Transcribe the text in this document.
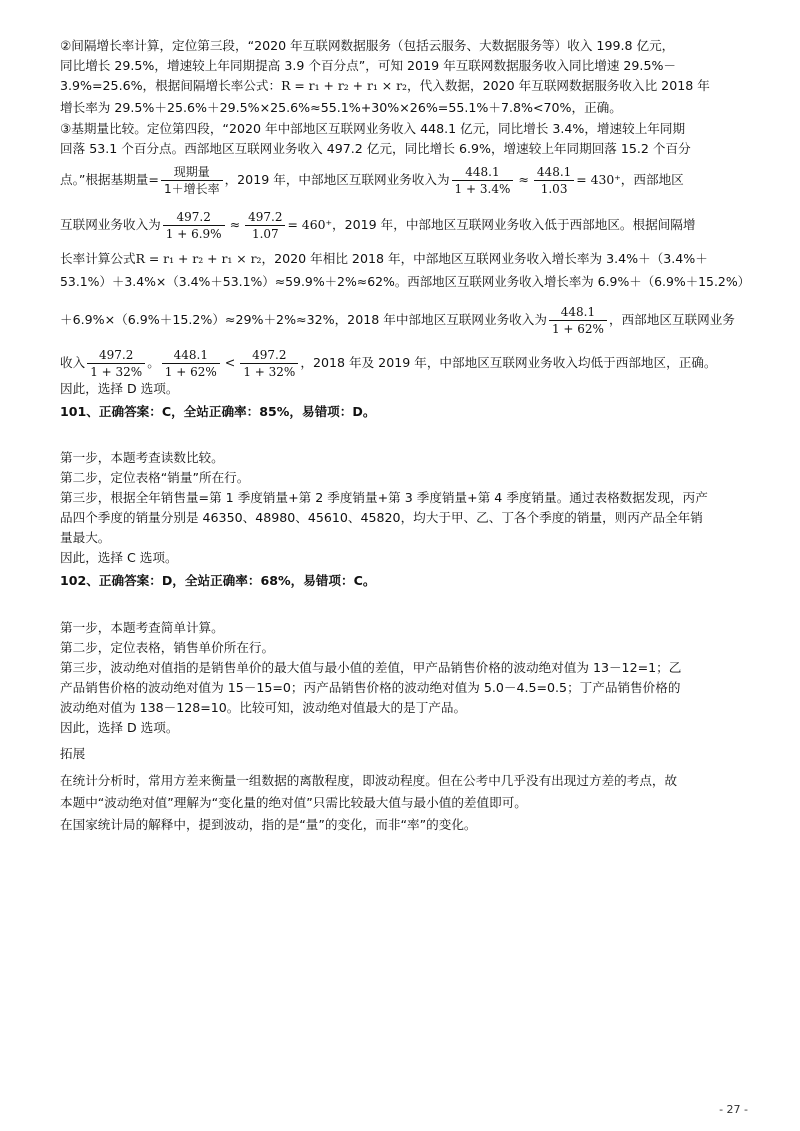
②间隔增长率计算，定位第三段，“2020 年互联网数据服务（包括云服务、大数据服务等）收入 199.8 亿元，
同比增长 29.5%，增速较上年同期提高 3.9 个百分点”，可知 2019 年互联网数据服务收入同比增速 29.5%－
3.9%=25.6%，根据间隔增长率公式：R = r₁ + r₂ + r₁ × r₂，代入数据，2020 年互联网数据服务收入比 2018 年
增长率为 29.5%＋25.6%＋29.5%×25.6%≈55.1%+30%×26%=55.1%＋7.8%<70%，正确。
③基期量比较。定位第四段，“2020 年中部地区互联网业务收入 448.1 亿元，同比增长 3.4%，增速较上年同期
回落 53.1 个百分点。西部地区互联网业务收入 497.2 亿元，同比增长 6.9%，增速较上年同期回落 15.2 个百分
点。”根据基期量= $\frac{\text{现期量}}{\text{1＋增长率}}$ ，2019 年，中部地区互联网业务收入为 $\frac{448.1}{1 + 3.4\%} \approx \frac{448.1}{1.03} = 430^+$，西部地区
互联网业务收入为 $\frac{497.2}{1 + 6.9\%} \approx \frac{497.2}{1.07} = 460^+$，2019 年，中部地区互联网业务收入低于西部地区。根据间隔增
长率计算公式R = r₁ + r₂ + r₁ × r₂，2020 年相比 2018 年，中部地区互联网业务收入增长率为 3.4%＋（3.4%＋
53.1%）＋3.4%×（3.4%＋53.1%）≈59.9%＋2%≈62%。西部地区互联网业务收入增长率为 6.9%＋（6.9%＋15.2%）
＋6.9%×（6.9%＋15.2%）≈29%＋2%≈32%，2018 年中部地区互联网业务收入为 $\frac{448.1}{1 + 62\%}$ ，西部地区互联网业务
收入 $\frac{497.2}{1 + 32\%}$ 。 $\frac{448.1}{1 + 62\%} < \frac{497.2}{1 + 32\%}$ ，2018 年及 2019 年，中部地区互联网业务收入均低于西部地区，正确。
因此，选择 D 选项。
101、正确答案：C，全站正确率：85%，易错项：D。
第一步，本题考查读数比较。
第二步，定位表格“销量”所在行。
第三步，根据全年销售量=第 1 季度销量+第 2 季度销量+第 3 季度销量+第 4 季度销量。通过表格数据发现，丙产
品四个季度的销量分别是 46350、48980、45610、45820，均大于甲、乙、丁各个季度的销量，则丙产品全年销
量最大。
因此，选择 C 选项。
102、正确答案：D，全站正确率：68%，易错项：C。
第一步，本题考查简单计算。
第二步，定位表格，销售单价所在行。
第三步，波动绝对值指的是销售单价的最大值与最小值的差值，甲产品销售价格的波动绝对值为 13－12=1；乙
产品销售价格的波动绝对值为 15－15=0；丙产品销售价格的波动绝对值为 5.0－4.5=0.5；丁产品销售价格的
波动绝对值为 138－128=10。比较可知，波动绝对值最大的是丁产品。
因此，选择 D 选项。
拓展
在统计分析时，常用方差来衡量一组数据的离散程度，即波动程度。但在公考中几乎没有出现过方差的考点，故
本题中“波动绝对值”理解为“变化量的绝对值”只需比较最大值与最小值的差值即可。
在国家统计局的解释中，提到波动，指的是“量”的变化，而非“率”的变化。
- 27 -
